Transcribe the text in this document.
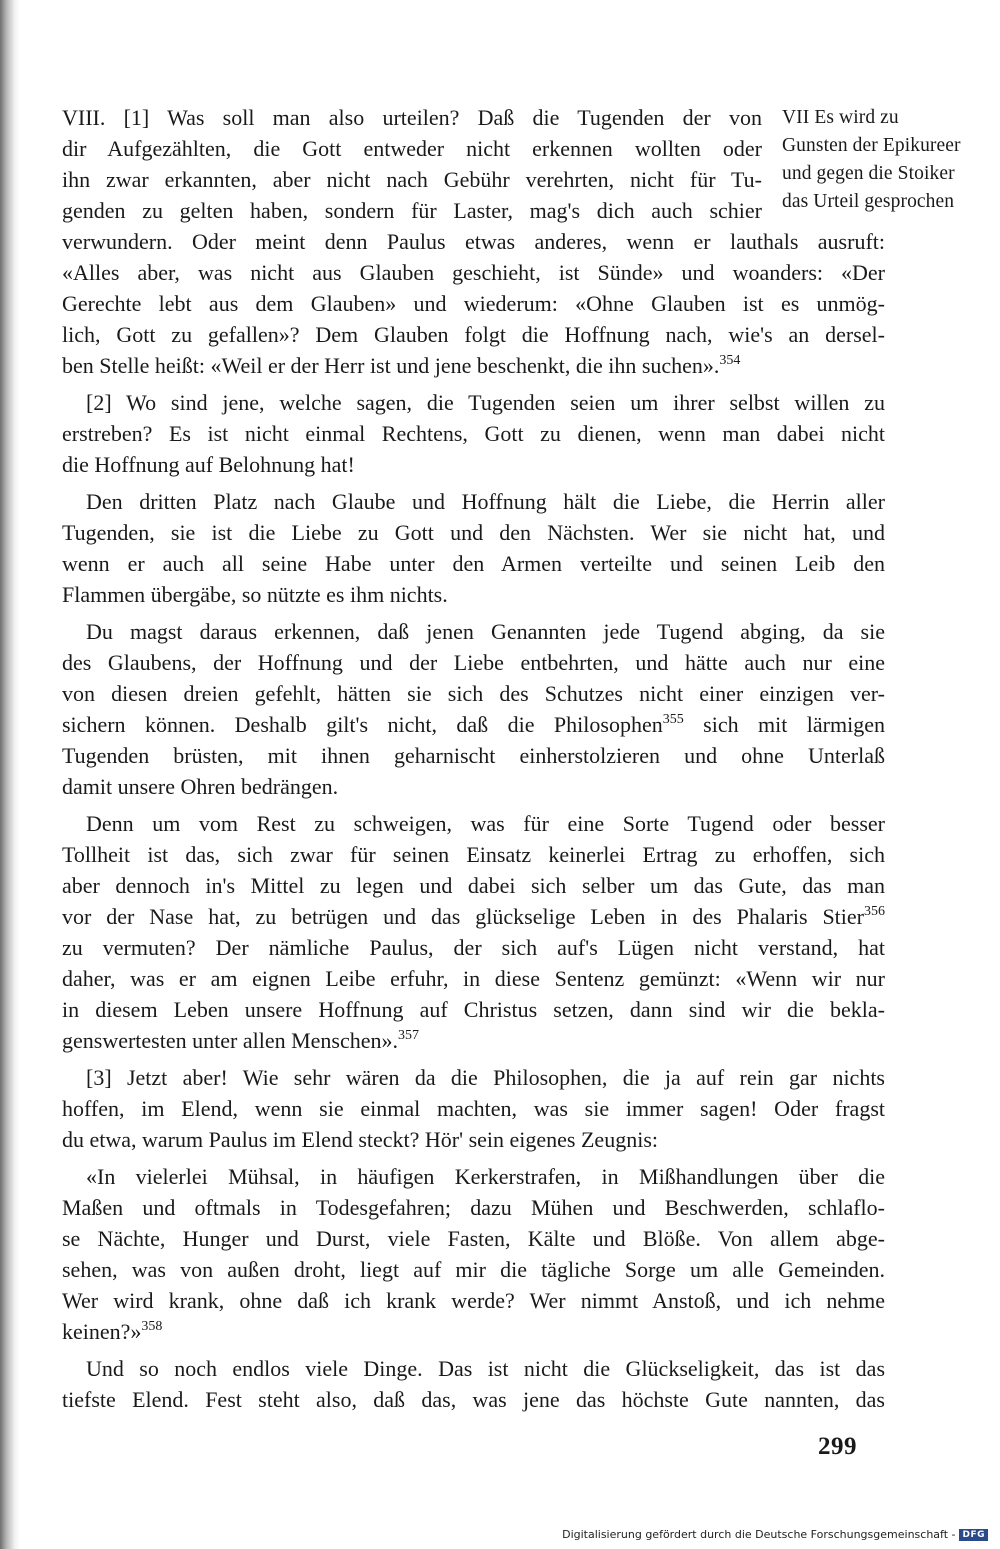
VII Es wird zu
Gunsten der Epikureer
und gegen die Stoiker
das Urteil gesprochen
VIII. [1] Was soll man also urteilen? Daß die Tugenden der von
dir Aufgezählten, die Gott entweder nicht erkennen wollten oder
ihn zwar erkannten, aber nicht nach Gebühr verehrten, nicht für Tu-
genden zu gelten haben, sondern für Laster, mag's dich auch schier
verwundern. Oder meint denn Paulus etwas anderes, wenn er lauthals ausruft:
«Alles aber, was nicht aus Glauben geschieht, ist Sünde» und woanders: «Der
Gerechte lebt aus dem Glauben» und wiederum: «Ohne Glauben ist es unmög-
lich, Gott zu gefallen»? Dem Glauben folgt die Hoffnung nach, wie's an dersel-
ben Stelle heißt: «Weil er der Herr ist und jene beschenkt, die ihn suchen».$^{354}$
[2] Wo sind jene, welche sagen, die Tugenden seien um ihrer selbst willen zu
erstreben? Es ist nicht einmal Rechtens, Gott zu dienen, wenn man dabei nicht
die Hoffnung auf Belohnung hat!
Den dritten Platz nach Glaube und Hoffnung hält die Liebe, die Herrin aller
Tugenden, sie ist die Liebe zu Gott und den Nächsten. Wer sie nicht hat, und
wenn er auch all seine Habe unter den Armen verteilte und seinen Leib den
Flammen übergäbe, so nützte es ihm nichts.
Du magst daraus erkennen, daß jenen Genannten jede Tugend abging, da sie
des Glaubens, der Hoffnung und der Liebe entbehrten, und hätte auch nur eine
von diesen dreien gefehlt, hätten sie sich des Schutzes nicht einer einzigen ver-
sichern können. Deshalb gilt's nicht, daß die Philosophen$^{355}$ sich mit lärmigen
Tugenden brüsten, mit ihnen geharnischt einherstolzieren und ohne Unterlaß
damit unsere Ohren bedrängen.
Denn um vom Rest zu schweigen, was für eine Sorte Tugend oder besser
Tollheit ist das, sich zwar für seinen Einsatz keinerlei Ertrag zu erhoffen, sich
aber dennoch in's Mittel zu legen und dabei sich selber um das Gute, das man
vor der Nase hat, zu betrügen und das glückselige Leben in des Phalaris Stier$^{356}$
zu vermuten? Der nämliche Paulus, der sich auf's Lügen nicht verstand, hat
daher, was er am eignen Leibe erfuhr, in diese Sentenz gemünzt: «Wenn wir nur
in diesem Leben unsere Hoffnung auf Christus setzen, dann sind wir die bekla-
genswertesten unter allen Menschen».$^{357}$
[3] Jetzt aber! Wie sehr wären da die Philosophen, die ja auf rein gar nichts
hoffen, im Elend, wenn sie einmal machten, was sie immer sagen! Oder fragst
du etwa, warum Paulus im Elend steckt? Hör' sein eigenes Zeugnis:
«In vielerlei Mühsal, in häufigen Kerkerstrafen, in Mißhandlungen über die
Maßen und oftmals in Todesgefahren; dazu Mühen und Beschwerden, schlaflo-
se Nächte, Hunger und Durst, viele Fasten, Kälte und Blöße. Von allem abge-
sehen, was von außen droht, liegt auf mir die tägliche Sorge um alle Gemeinden.
Wer wird krank, ohne daß ich krank werde? Wer nimmt Anstoß, und ich nehme
keinen?»$^{358}$
Und so noch endlos viele Dinge. Das ist nicht die Glückseligkeit, das ist das
tiefste Elend. Fest steht also, daß das, was jene das höchste Gute nannten, das
299
Digitalisierung gefördert durch die Deutsche Forschungsgemeinschaft - DFG
